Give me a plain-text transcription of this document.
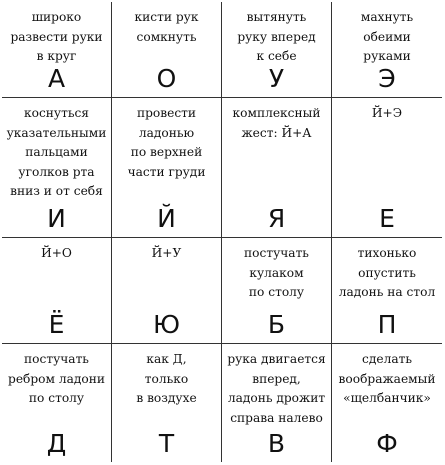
широко
развести руки
в круг
А
кисти рук
сомкнуть
О
вытянуть
руку вперед
к себе
У
махнуть
обеими
руками
Э
коснуться
указательными
пальцами
уголков рта
вниз и от себя
И
провести
ладонью
по верхней
части груди
Й
комплексный
жест: Й+А
Я
Й+Э
Е
Й+О
Ё
Й+У
Ю
постучать
кулаком
по столу
Б
тихонько
опустить
ладонь на стол
П
постучать
ребром ладони
по столу
Д
как Д,
только
в воздухе
Т
рука двигается
вперед,
ладонь дрожит
справа налево
В
сделать
воображаемый
«щелбанчик»
Ф
